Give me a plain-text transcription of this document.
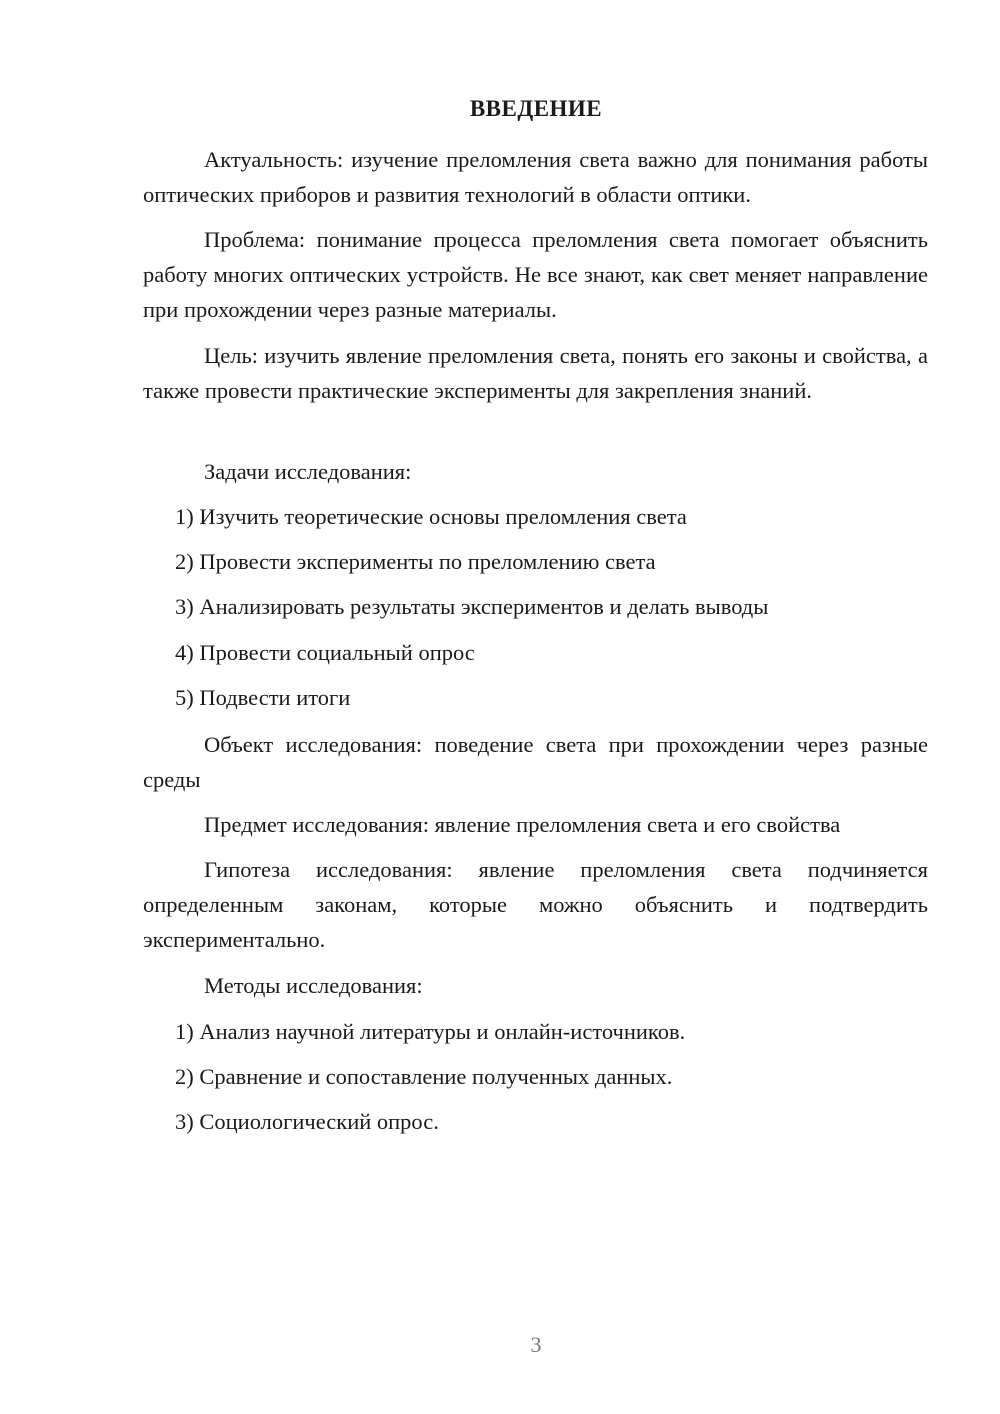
ВВЕДЕНИЕ
Актуальность: изучение преломления света важно для понимания работы оптических приборов и развития технологий в области оптики.
Проблема: понимание процесса преломления света помогает объяснить работу многих оптических устройств. Не все знают, как свет меняет направление при прохождении через разные материалы.
Цель: изучить явление преломления света, понять его законы и свойства, а также провести практические эксперименты для закрепления знаний.
Задачи исследования:
1) Изучить теоретические основы преломления света
2) Провести эксперименты по преломлению света
3) Анализировать результаты экспериментов и делать выводы
4) Провести социальный опрос
5) Подвести итоги
Объект исследования: поведение света при прохождении через разные среды
Предмет исследования: явление преломления света и его свойства
Гипотеза исследования: явление преломления света подчиняется определенным законам, которые можно объяснить и подтвердить экспериментально.
Методы исследования:
1) Анализ научной литературы и онлайн-источников.
2) Сравнение и сопоставление полученных данных.
3) Социологический опрос.
3
